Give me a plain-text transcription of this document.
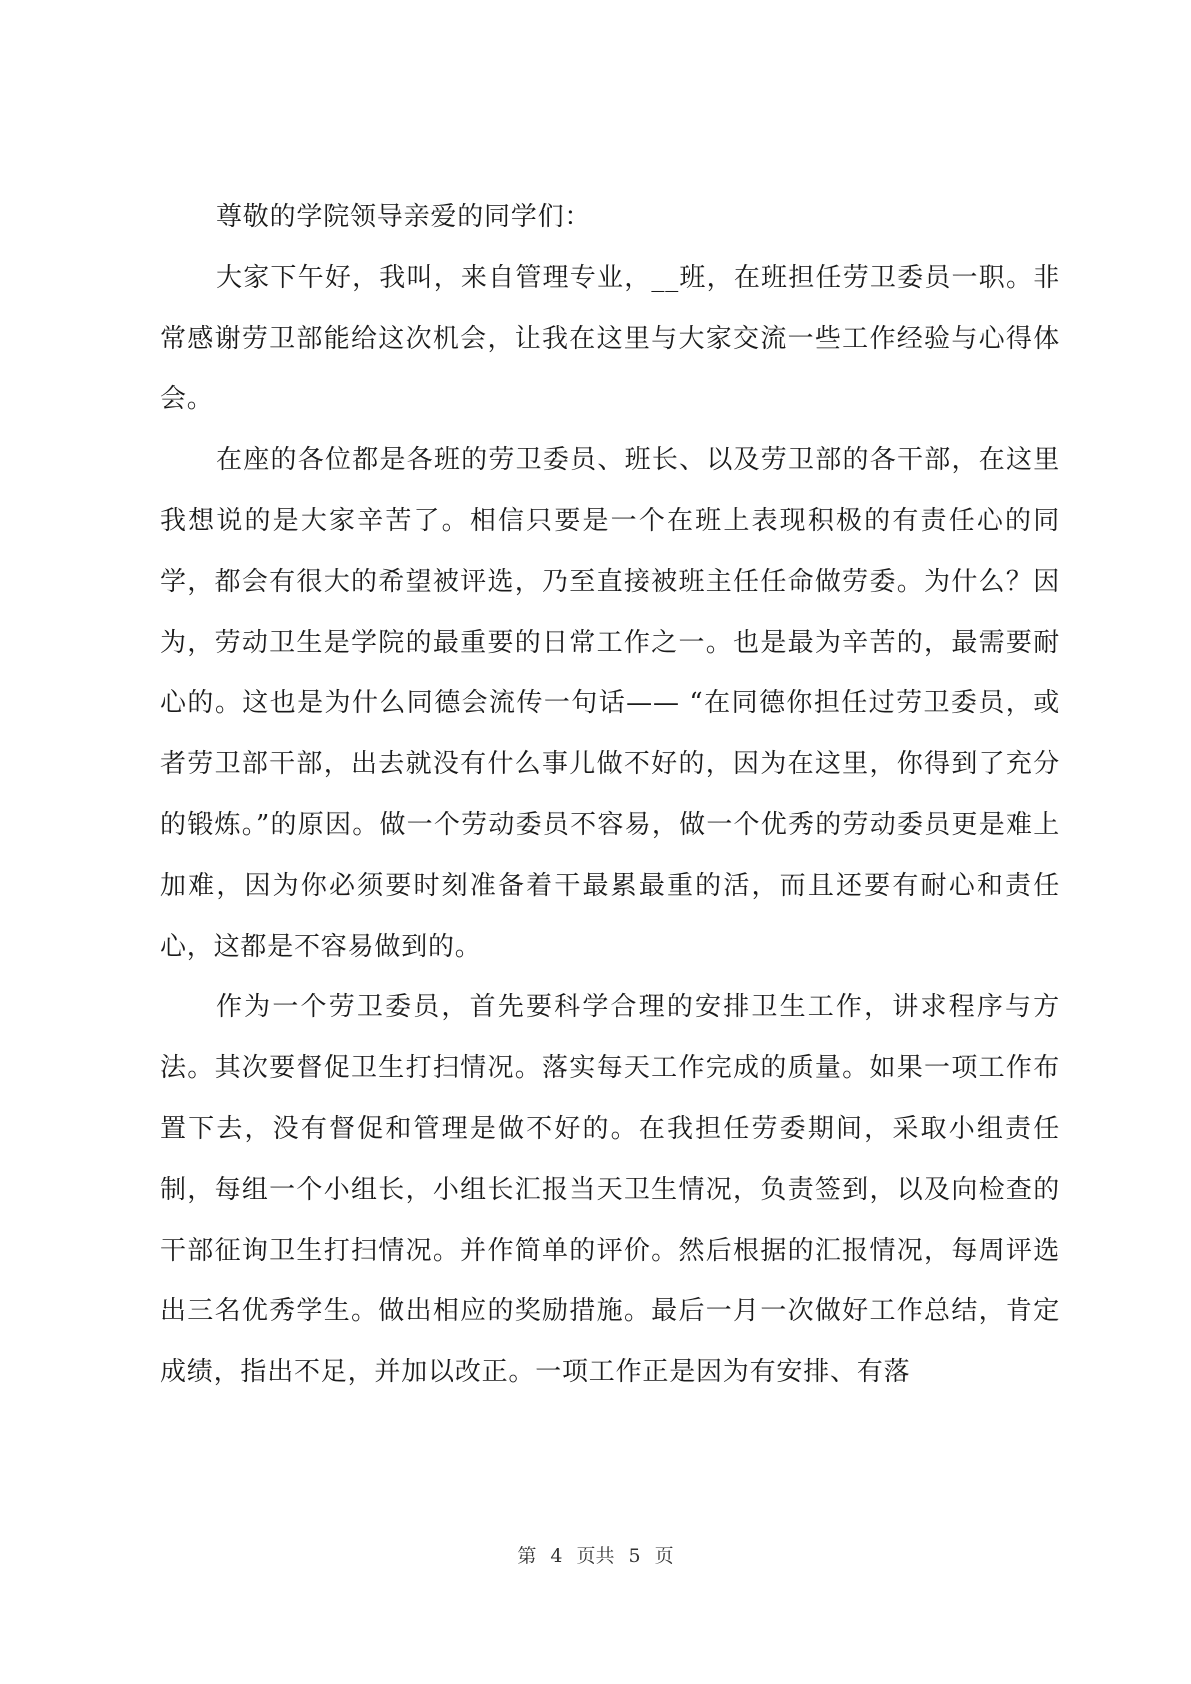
尊敬的学院领导亲爱的同学们：

大家下午好，我叫，来自管理专业，__班，在班担任劳卫委员一职。非常感谢劳卫部能给这次机会，让我在这里与大家交流一些工作经验与心得体会。

在座的各位都是各班的劳卫委员、班长、以及劳卫部的各干部，在这里我想说的是大家辛苦了。相信只要是一个在班上表现积极的有责任心的同学，都会有很大的希望被评选，乃至直接被班主任任命做劳委。为什么？因为，劳动卫生是学院的最重要的日常工作之一。也是最为辛苦的，最需要耐心的。这也是为什么同德会流传一句话—— “在同德你担任过劳卫委员，或者劳卫部干部，出去就没有什么事儿做不好的，因为在这里，你得到了充分的锻炼。”的原因。做一个劳动委员不容易，做一个优秀的劳动委员更是难上加难，因为你必须要时刻准备着干最累最重的活，而且还要有耐心和责任心，这都是不容易做到的。

作为一个劳卫委员，首先要科学合理的安排卫生工作，讲求程序与方法。其次要督促卫生打扫情况。落实每天工作完成的质量。如果一项工作布置下去，没有督促和管理是做不好的。在我担任劳委期间，采取小组责任制，每组一个小组长，小组长汇报当天卫生情况，负责签到，以及向检查的干部征询卫生打扫情况。并作简单的评价。然后根据的汇报情况，每周评选出三名优秀学生。做出相应的奖励措施。最后一月一次做好工作总结，肯定成绩，指出不足，并加以改正。一项工作正是因为有安排、有落

第 4 页共 5 页
